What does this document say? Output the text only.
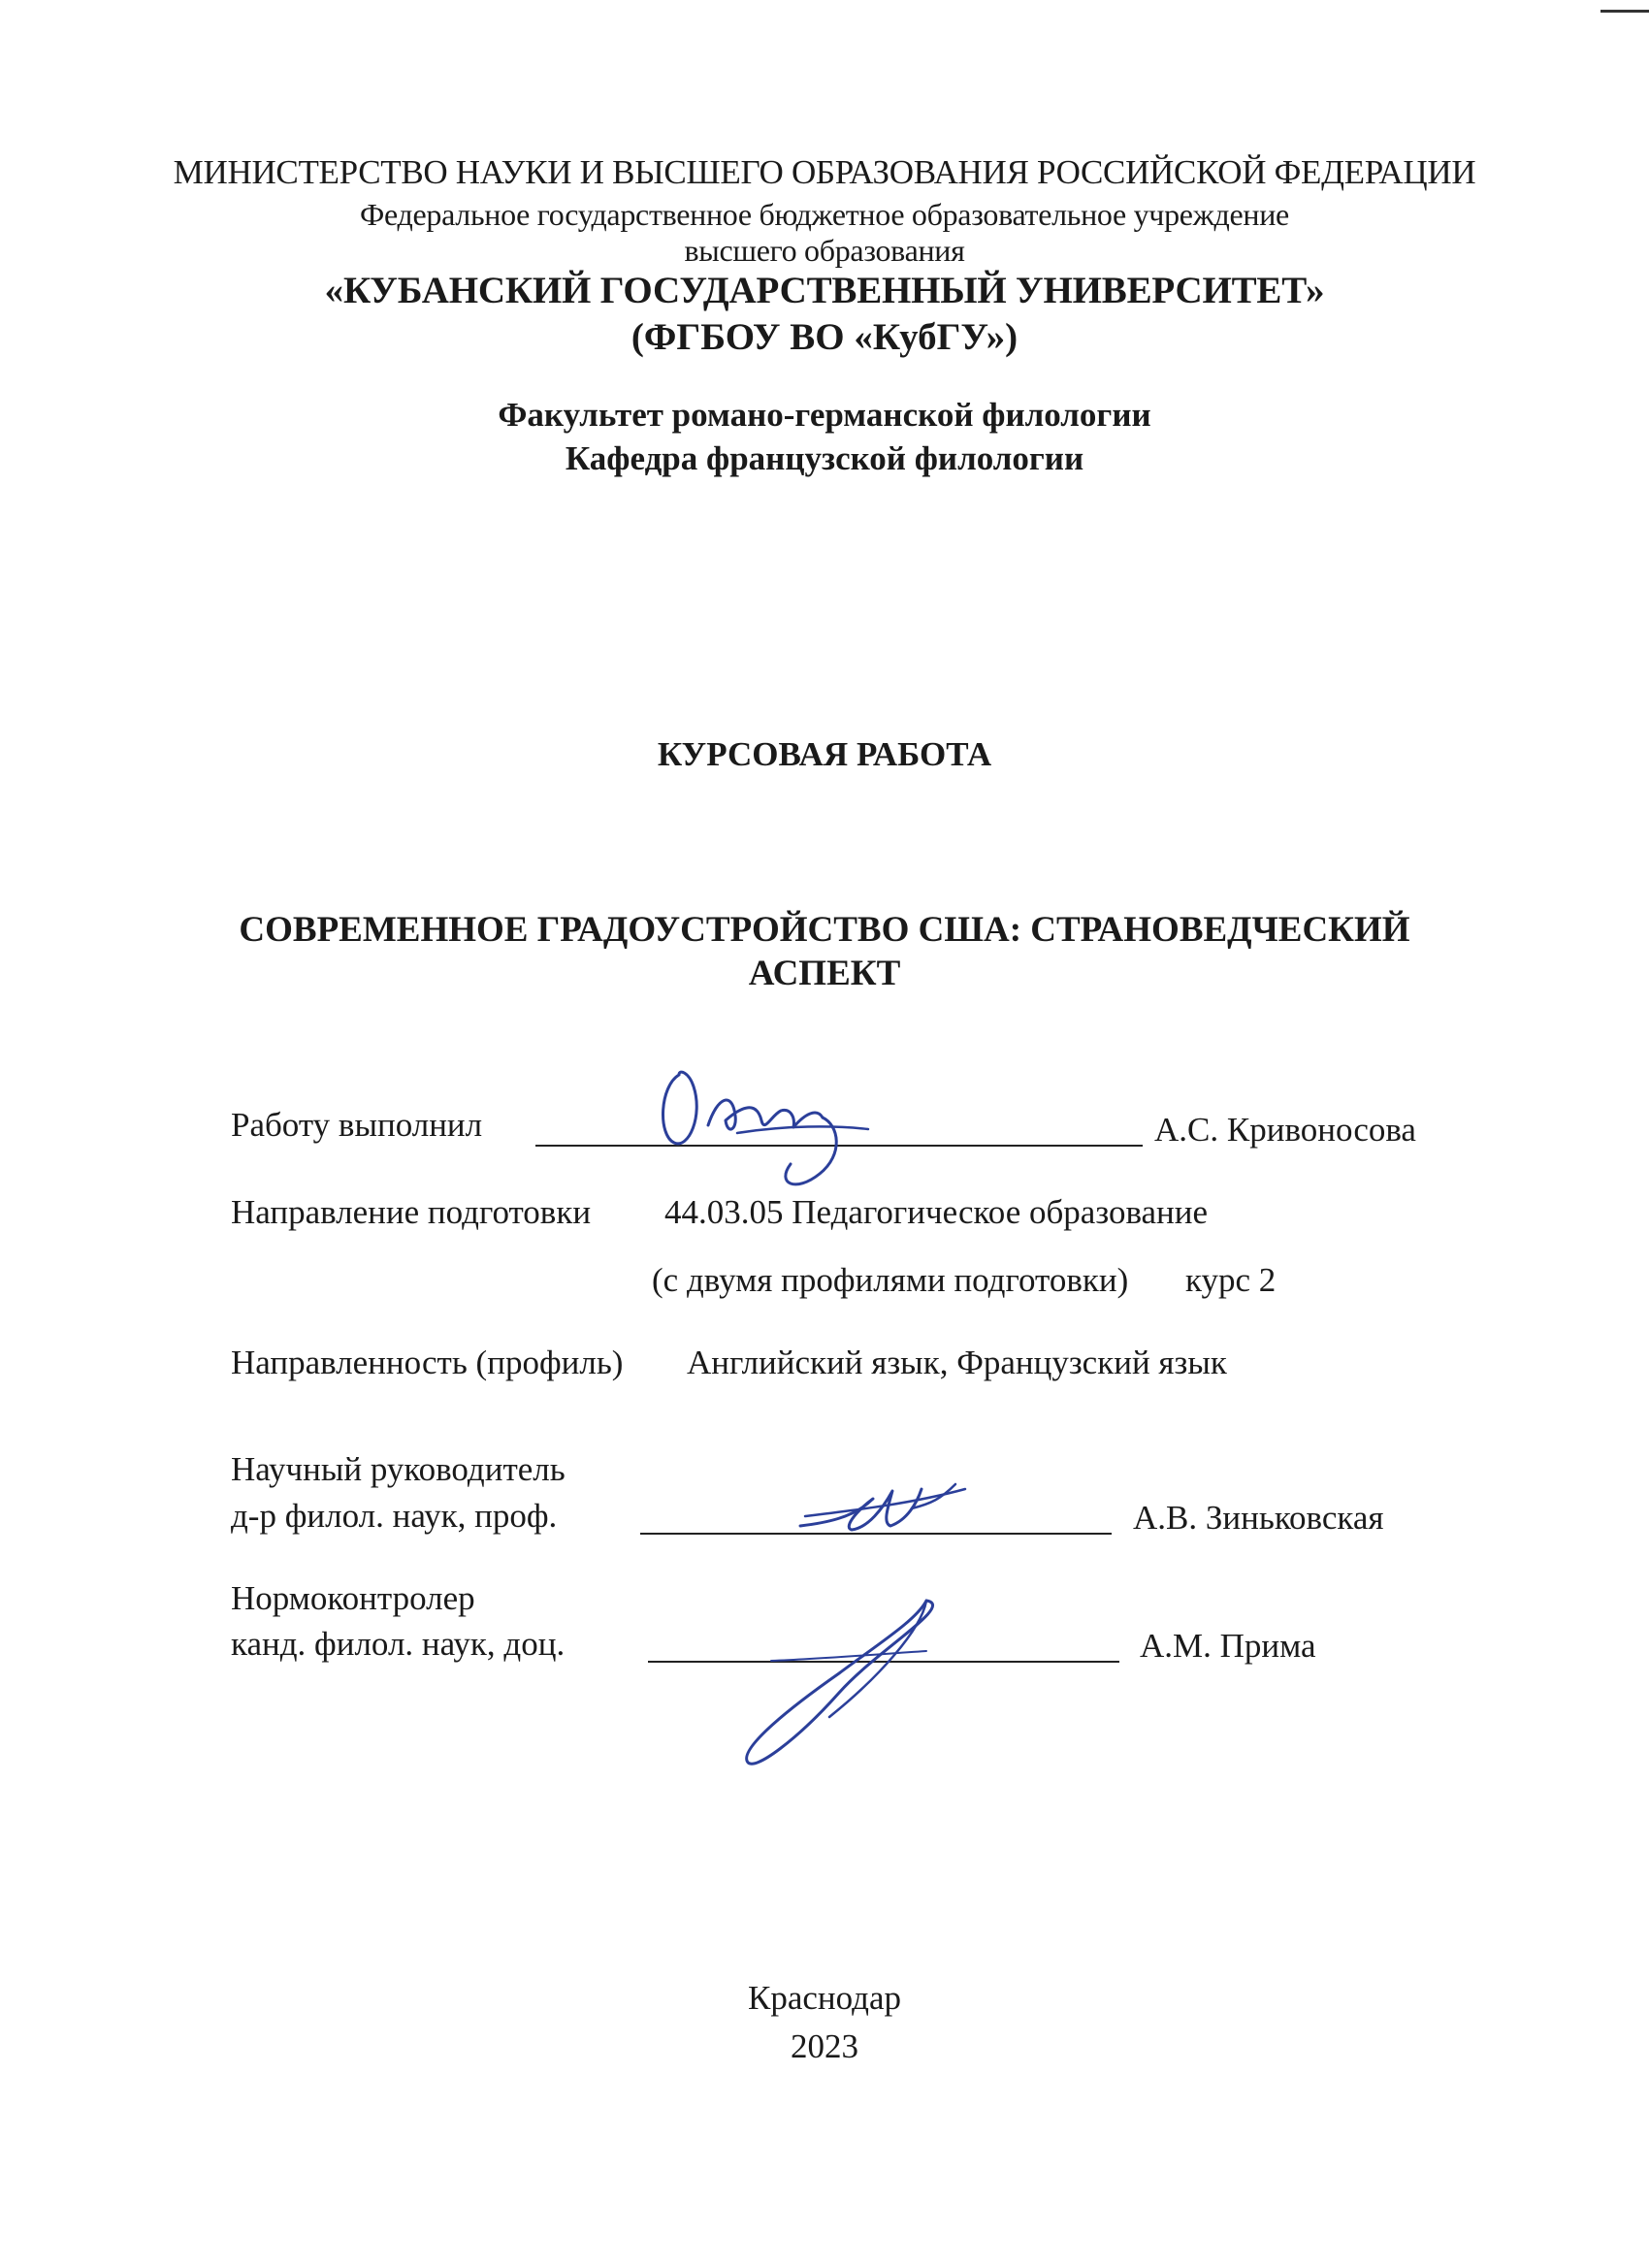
МИНИСТЕРСТВО НАУКИ И ВЫСШЕГО ОБРАЗОВАНИЯ РОССИЙСКОЙ ФЕДЕРАЦИИ
Федеральное государственное бюджетное образовательное учреждение
высшего образования
«КУБАНСКИЙ ГОСУДАРСТВЕННЫЙ УНИВЕРСИТЕТ»
(ФГБОУ ВО «КубГУ»)
Факультет романо-германской филологии
Кафедра французской филологии
КУРСОВАЯ РАБОТА
СОВРЕМЕННОЕ ГРАДОУСТРОЙСТВО США: СТРАНОВЕДЧЕСКИЙ
АСПЕКТ
Работу выполнил	А.С. Кривоносова
Направление подготовки 44.03.05 Педагогическое образование
(с двумя профилями подготовки) курс 2
Направленность (профиль) Английский язык, Французский язык
Научный руководитель
д-р филол. наук, проф.	А.В. Зиньковская
Нормоконтролер
канд. филол. наук, доц.	А.М. Прима
Краснодар
2023
